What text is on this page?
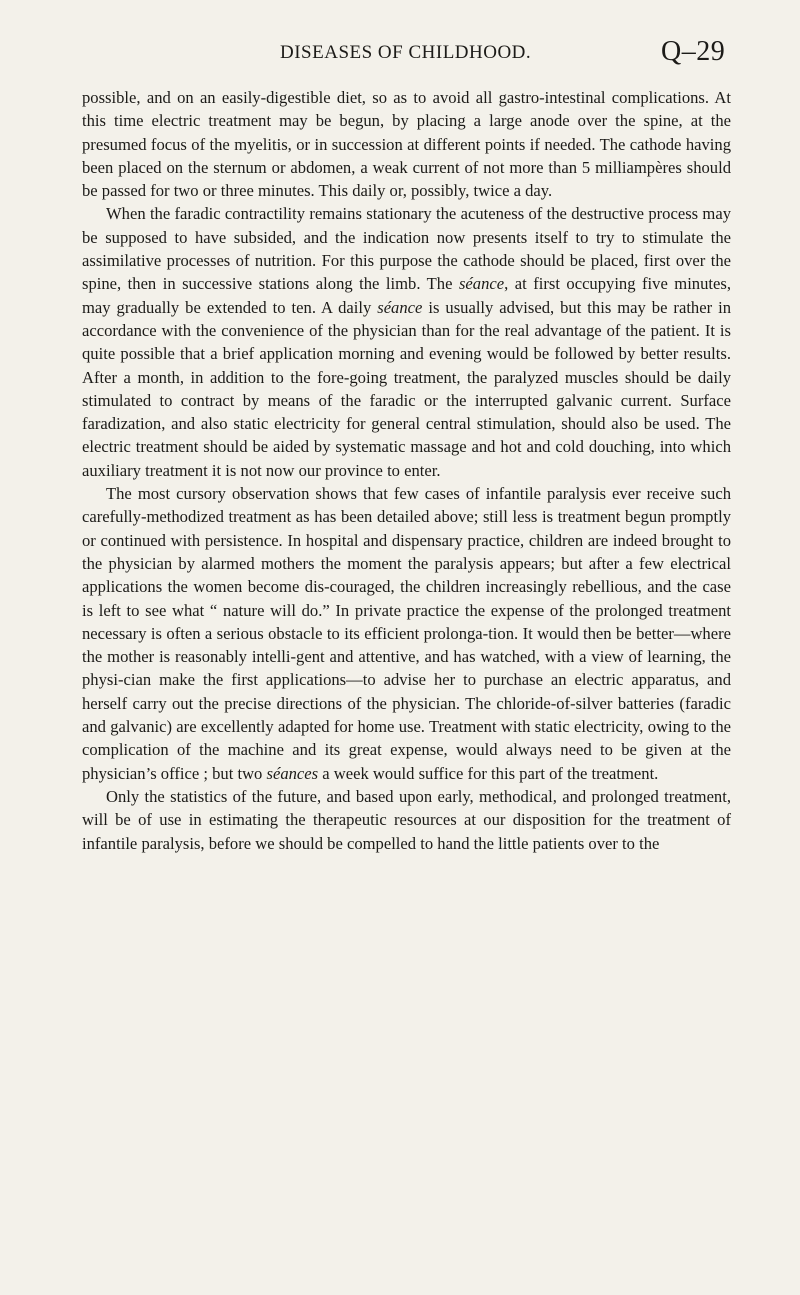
DISEASES OF CHILDHOOD.	Q–29

possible, and on an easily-digestible diet, so as to avoid all gastro-intestinal complications. At this time electric treatment may be begun, by placing a large anode over the spine, at the presumed focus of the myelitis, or in succession at different points if needed. The cathode having been placed on the sternum or abdomen, a weak current of not more than 5 milliampères should be passed for two or three minutes. This daily or, possibly, twice a day.

When the faradic contractility remains stationary the acuteness of the destructive process may be supposed to have subsided, and the indication now presents itself to try to stimulate the assimilative processes of nutrition. For this purpose the cathode should be placed, first over the spine, then in successive stations along the limb. The séance, at first occupying five minutes, may gradually be extended to ten. A daily séance is usually advised, but this may be rather in accordance with the convenience of the physician than for the real advantage of the patient. It is quite possible that a brief application morning and evening would be followed by better results. After a month, in addition to the fore-going treatment, the paralyzed muscles should be daily stimulated to contract by means of the faradic or the interrupted galvanic current. Surface faradization, and also static electricity for general central stimulation, should also be used. The electric treatment should be aided by systematic massage and hot and cold douching, into which auxiliary treatment it is not now our province to enter.

The most cursory observation shows that few cases of infantile paralysis ever receive such carefully-methodized treatment as has been detailed above; still less is treatment begun promptly or continued with persistence. In hospital and dispensary practice, children are indeed brought to the physician by alarmed mothers the moment the paralysis appears; but after a few electrical applications the women become dis-couraged, the children increasingly rebellious, and the case is left to see what “ nature will do.” In private practice the expense of the prolonged treatment necessary is often a serious obstacle to its efficient prolonga-tion. It would then be better—where the mother is reasonably intelli-gent and attentive, and has watched, with a view of learning, the physi-cian make the first applications—to advise her to purchase an electric apparatus, and herself carry out the precise directions of the physician. The chloride-of-silver batteries (faradic and galvanic) are excellently adapted for home use. Treatment with static electricity, owing to the complication of the machine and its great expense, would always need to be given at the physician’s office ; but two séances a week would suffice for this part of the treatment.

Only the statistics of the future, and based upon early, methodical, and prolonged treatment, will be of use in estimating the therapeutic resources at our disposition for the treatment of infantile paralysis, before we should be compelled to hand the little patients over to the
